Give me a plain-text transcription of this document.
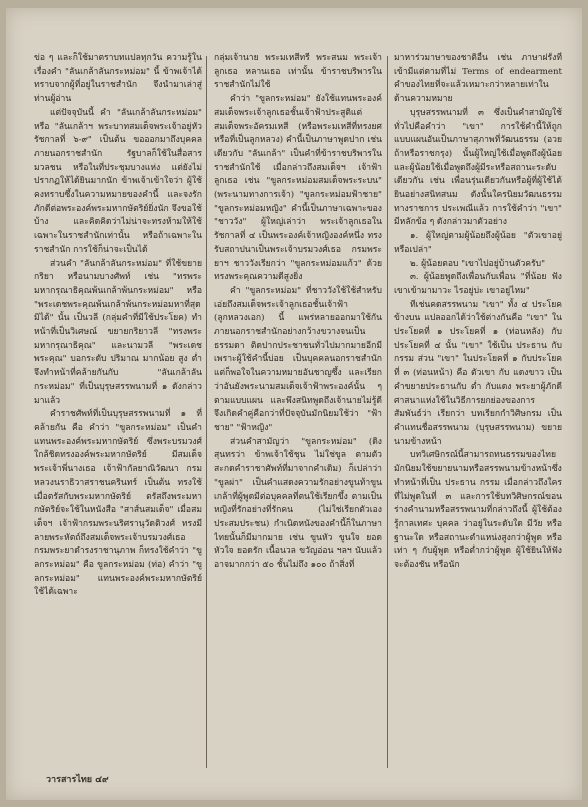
ข่อ ๆ และก็ใช้มาตราบทแปลทุกวัน ความรู้ในเรื่องคำ "ลันเกล้าลันกระหม่อม" นี้ ข้าพเจ้าได้ทราบจากผู้ที่อยู่ในราชสำนัก จึงนำมาเล่าสู่ท่านผู้อ่าน

แต่ปัจจุบันนี้ คำ "ลันเกล้าลันกระหม่อม" หรือ "ลันเกล้าฯ พระบาทสมเด็จพระเจ้าอยู่หัวรัชกาลที่ ๖-๙" เป็นต้น ขอออกมาถึงบุคคลภายนอกราชสำนัก รัฐบาลก็ใช้ในสื่อสารมวลชน หรือในที่ประชุมบางแห่ง แต่ยังไม่ปรากฏให้ได้ยินมากนัก ข้าพเจ้าเข้าใจว่า ผู้ใช้คงทราบซึ้งในความหมายของคำนี้ และจงรักภักดีต่อพระองค์พระมหากษัตริย์ยิ่งนัก จึงขอใช้บ้าง และคิดคิดว่าไม่น่าจะทรงห้ามให้ใช้เฉพาะในราชสำนักเท่านั้น หรือถ้าเฉพาะในราชสำนัก การใช้ก็น่าจะเป็นได้

ส่วนคำ "ลันกล้าลันกระหม่อม" ที่ใช้ขยายกริยา หรือนามบางศัพท์ เช่น "ทรพระมหากรุณาธิคุณพ้นเกล้าพ้นกระหม่อม" หรือ "พระเดชพระคุณพ้นเกล้าพ้นกระหม่อมหาที่สุดมิได้" นั้น เป็นวลี (กลุ่มคำที่มีใช้ประโยค) ทำหน้าที่เป็นวิเศษณ์ ขยายกริยาวลี "ทรงพระมหากรุณาธิคุณ" และนามวลี "พระเดชพระคุณ" บอกระดับ ปริมาณ มากน้อย สูง ต่ำ จึงทำหน้าที่คล้ายกันกับ "ลันเกล้าลันกระหม่อม" ที่เป็นบุรุษสรรพนามที่ ๑ ดังกล่าวมาแล้ว

คำราชศัพท์ที่เป็นบุรุษสรรพนามที่ ๑ ที่คล้ายกัน คือ คำว่า "ขูลกระหม่อม" เป็นคำแทนพระองค์พระมหากษัตริย์ ซึ่งพระบรมวงศ์ใกล้ชิดทรงองค์พระมหากษัตริย์ มีสมเด็จพระเจ้าพี่นางเธอ เจ้าฟ้ากัลยาณิวัฒนา กรมหลวงนราธิวาสราชนครินทร์ เป็นต้น ทรงใช้เมื่อตรัสกับพระมหากษัตริย์ ตรัสถึงพระมหากษัตริย์จะใช้ในหนังสือ "สาส์นสมเด็จ" เมื่อสมเด็จฯ เจ้าฟ้ากรมพระนริศรานุวัดติวงศ์ ทรงมีลายพระหัตถ์ถึงสมเด็จพระเจ้าบรมวงศ์เธอ กรมพระยาดำรงราชานุภาพ ก็ทรงใช้คำว่า "ขูลกระหม่อม" คือ ขูลกระหม่อม (ท่อ) คำว่า "ขูลกระหม่อม" แทนพระองค์พระมหากษัตริย์ ใช้ได้เฉพาะ

กลุ่มเจ้านาย พระมเหสีทรี พระสนม พระเจ้าลูกเธอ หลานเธอ เท่านั้น ข้าราชบริพารในราชสำนักไม่ใช้

คำว่า "ขูลกระหม่อม" ยังใช้แทนพระองค์สมเด็จพระเจ้าลูกเธอชั้นเจ้าฟ้าประสูติแต่สมเด็จพระอัครมเหสี (หรือพระมเหสีที่ทรงยศ หรือที่เป็นลูกหลวง) คำนี้เป็นภาษาพูดปาก เช่นเดียวกับ "ลันเกล้า" เป็นคำที่ข้าราชบริพารในราชสำนักใช้ เมื่อกล่าวถึงสมเด็จฯ เจ้าฟ้า ลูกเธอ เช่น "ขูลกระหม่อมสมเด็จพระระบน" (พระนามทางการเจ้า) "ขูลกระหม่อมฟ้าชาย" "ขูลกระหม่อมหญิง" คำนี้เป็นภาษาเฉพาะของ "ชาววัง" ผู้ใหญ่เล่าว่า พระเจ้าลูกเธอในรัชกาลที่ ๔ เป็นพระองค์เจ้าหญิงองค์หนึ่ง ทรงรับสถาปนาเป็นพระเจ้าบรมวงศ์เธอ กรมพระยาฯ ชาววังเรียกว่า "ขูลกระหม่อมแก้ว" ด้วยทรงพระคุณความดีสูงยิ่ง

คำ "ขูลกระหม่อม" ที่ชาววังใช้ใช้สำหรับเอ่ยถึงสมเด็จพระเจ้าลูกเธอชั้นเจ้าฟ้า (ลูกหลวงเอก) นี้ แพร่หลายออกมาใช้กันภายนอกราชสำนักอย่างกว้างขวางจนเป็นธรรมดา ติดปากประชาชนทั่วไปมากมายอีกมี เพราะผู้ใช้คำนี้บ่อย เป็นบุคคลนอกราชสำนัก แต่ก็พอใจในความหมายอันชาญซึ้ง และเรียกว่าอันยังพระนามสมเด็จเจ้าฟ้าพระองค์นั้น ๆ ตามแบบแผน และพึงสนิทพูดถึงเจ้านายไม่รู้ดี จึงเกิดคำคู่คือกว่าที่ปัจจุบันมักนิยมใช้ว่า "ฟ้าชาย" "ฟ้าหญิง"

ส่วนคำสามัญว่า "ขูลกระหม่อม" (ดิงสุนทรว่า ข้าพเจ้าใช้ชุน ไม่ใช่ขูล ตามตัวสะกดคำราชาศัพท์ที่มาจากคำเดิม) ก็เปล่าว่า "ขูลผ่า" เป็นคำแสดงความรักอย่างขูนท้าขูนเกล้าที่ผู้พูดมีต่อบุคคลที่ตนใช้เรียกขึ้ง ตามเป็นหญิงที่รักอย่างที่รักคน (ไม่ใช่เรียกตัวเองประสมประชน) กำเนิดหนังของคำนี้ก็ในภาษาไทยนั้นก็มีมากมาย เช่น ขูนหัว ขูนใจ ยอดหัวใจ ยอดรัก เนื้อนวล ขวัญอ่อน ฯลฯ นับแล้วอาจมากกว่า ๕๐ ชั้นไม่ถึง ๑๐๐ ถ้าสิ่งที่

มาหาร่วมาษาของชาติอื่น เช่น ภาษาฝรั่งที่เข้ามีแต่ตามที่ไม่ Terms of endearment คำของไทยที่จะแล้วเหมาะกว่าหลายเท่าในด้านความหมาย

บุรุษสรรพนามที่ ๓ ซึ่งเป็นคำสามัญใช้ทั่วไปคือคำว่า "เขา" การใช้คำนี้ให้ถูกแบบแผนอันเป็นภาษาสุภาพที่วัฒนธรรม (อวยถ้าหรือราชกรุง) นั้นผู้ใหญ่ใช้เมื่อพูดถึงผู้น้อย และผู้น้อยใช้เมื่อพูดถึงผู้มีระหรือสถานะระดับเดียวกัน เช่น เพื่อนรุ่นเดียวกันหรือผู้ที่ผู้ใช้ได้ยินอย่างสนิทสนม ดังนั้นใครนิยมวัฒนธรรมทางราชการ ประเพณีแล้ว การใช้คำว่า "เขา" มีหลักข้อ ๆ ดังกล่าวมาตัวอย่าง

๑. ผู้ใหญ่ตามผู้น้อยถึงผู้น้อย "ตัวเขาอยู่หรือเปล่า"

๒. ผู้น้อยตอบ "เขาไปอยู่บ้านตัวครับ"

๓. ผู้น้อยพูดถึงเพื่อนกับเพื่อน "ที่น้อย ฟังเขาเข้ามามาวะ ไรอยู่บ่ะ เขาอยู่ไหม"

ทีเช่นคดสรรพนาม "เขา" ทั้ง ๔ ประโยคข้างบน แปลออกได้ว่าใช้ต่างกันคือ "เขา" ในประโยคที่ ๑ ประโยคที่ ๑ (ท่อนหลัง) กับประโยคที่ ๔ นั้น "เขา" ใช้เป็น ประธาน กับ กรรม ส่วน "เขา" ในประโยคที่ ๑ กับประโยคที่ ๓ (ท่อนหน้า) คือ ตัวเขา กับ แดงขาว เป็นคำขยายประธานกับ ต่ำ กับแดง พระยาผู้ภักดีศาสนาแห่งใช้ในวิธีการยกย่องของการสัมพันธ์ว่า เรียกว่า บทเรียกกำวิศิษกรม เป็นคำแทนชื่อสรรพนาม (บุรุษสรรพนาม) ขยายนามข้างหน้า

บทวิเศษิกรณ์นี้สามารถทนธรรมของไทยมักนิยมใช้ขยายนามหรือสรรพนามข้างหน้าซึ่งทำหน้าที่เป็น ประธาน กรรม เมื่อกล่าวถึงใครที่ไม่พูดในที่ ๓ และการใช้บทวิศิษกรณ์ขอนร่างคำนามหรือสรรพนามที่กล่าวถึงนี้ ผู้ใช้ต้องรู้กาลเทศะ บุคคล ว่าอยู่ในระดับใด มีวัย หรือฐานะใด หรือสถานะตำแหน่งสูงกว่าผู้พูด หรือเท่า ๆ กับผู้พูด หรือต่ำกว่าผู้พูด ผู้ใช้ยินให้ฟังจะต้องชัน หรือนัก

วารสารไทย ๔๙
